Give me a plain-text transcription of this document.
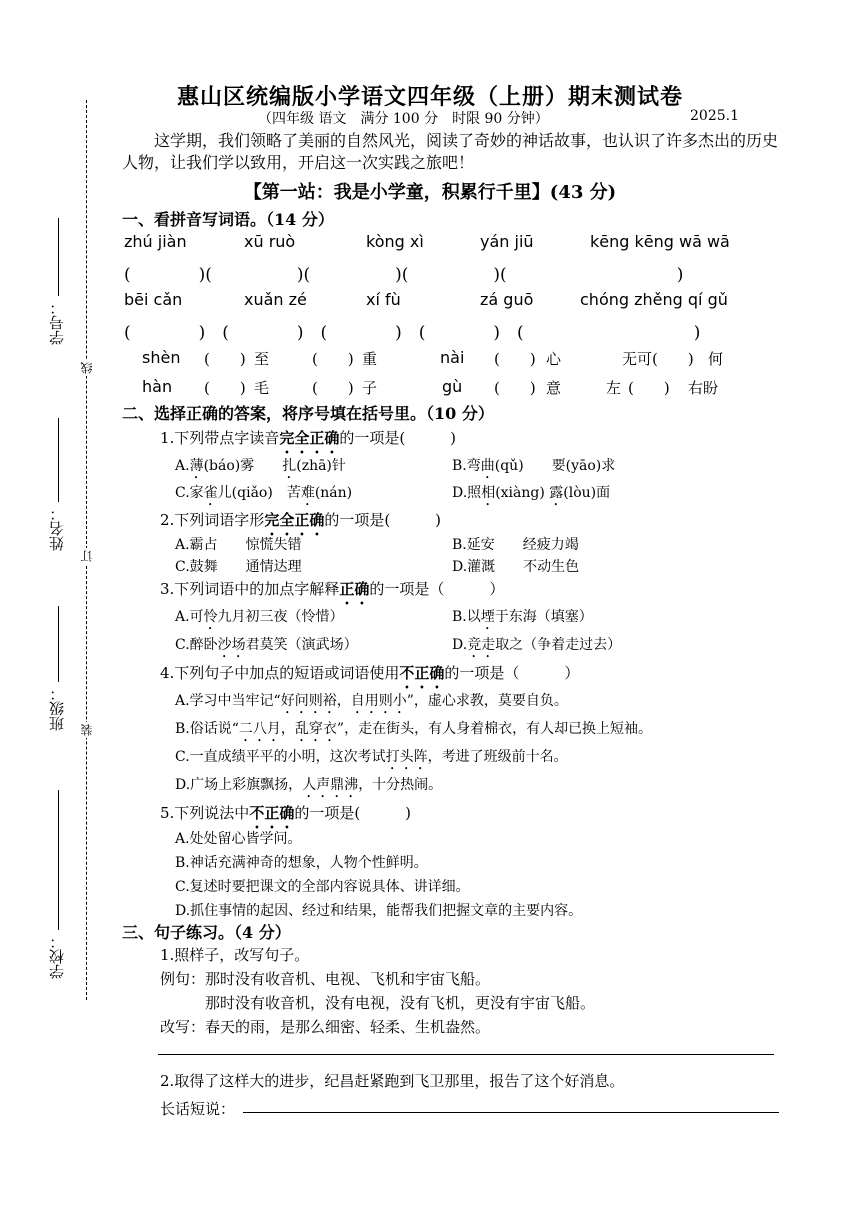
线
订
装
学号：
姓名：
班级：
学校：
惠山区统编版小学语文四年级（上册）期末测试卷
（四年级 语文　满分 100 分　时限 90 分钟）	2025.1
这学期，我们领略了美丽的自然风光，阅读了奇妙的神话故事，也认识了许多杰出的历史人物，让我们学以致用，开启这一次实践之旅吧！
【第一站：我是小学童，积累行千里】(43 分)
一、看拼音写词语。（14 分）
zhú jiàn	xū ruò	kòng xì	yán jiū	kēng kēng wā wā
(　　　　)(　　　　　)(　　　　　)(　　　　　)(　　　　　　　　　　)
bēi cǎn	xuǎn zé	xí fù	zá guō	chóng zhěng qí gǔ
(　　　　)　(　　　　)　(　　　　)　(　　　　)　(　　　　　　　　　　)
shèn (　　) 至	(　　) 重	nài (　　) 心	无可 (　　) 何
hàn (　　) 毛	(　　) 子	gù (　　) 意	左 (　　) 右盼
二、选择正确的答案，将序号填在括号里。（10 分）
1.下列带点字读音完全正确的一项是(　　　)
A.薄(báo)雾　　 扎(zhā)针	B.弯曲(qǔ)　　 要(yāo)求
C.家雀儿(qiǎo)　 苦难(nán)	D.照相(xiàng) 露(lòu)面
2.下列词语字形完全正确的一项是(　　　)
A.霸占　　惊慌失错	B.延安　　经疲力竭
C.鼓舞　　通情达理	D.灌溉　　不动生色
3.下列词语中的加点字解释正确的一项是（　　　）
A.可怜九月初三夜（怜惜）	B.以堙于东海（填塞）
C.醉卧沙场君莫笑（演武场）	D.竞走取之（争着走过去）
4.下列句子中加点的短语或词语使用不正确的一项是（　　　）
A.学习中当牢记“好问则裕，自用则小”，虚心求教，莫要自负。
B.俗话说“二八月，乱穿衣”，走在街头，有人身着棉衣，有人却已换上短袖。
C.一直成绩平平的小明，这次考试打头阵，考进了班级前十名。
D.广场上彩旗飘扬，人声鼎沸，十分热闹。
5.下列说法中不正确的一项是(　　　)
A.处处留心皆学问。
B.神话充满神奇的想象，人物个性鲜明。
C.复述时要把课文的全部内容说具体、讲详细。
D.抓住事情的起因、经过和结果，能帮我们把握文章的主要内容。
三、句子练习。（4 分）
1.照样子，改写句子。
例句：那时没有收音机、电视、飞机和宇宙飞船。
那时没有收音机，没有电视，没有飞机，更没有宇宙飞船。
改写：春天的雨，是那么细密、轻柔、生机盎然。
2.取得了这样大的进步，纪昌赶紧跑到飞卫那里，报告了这个好消息。
长话短说：
